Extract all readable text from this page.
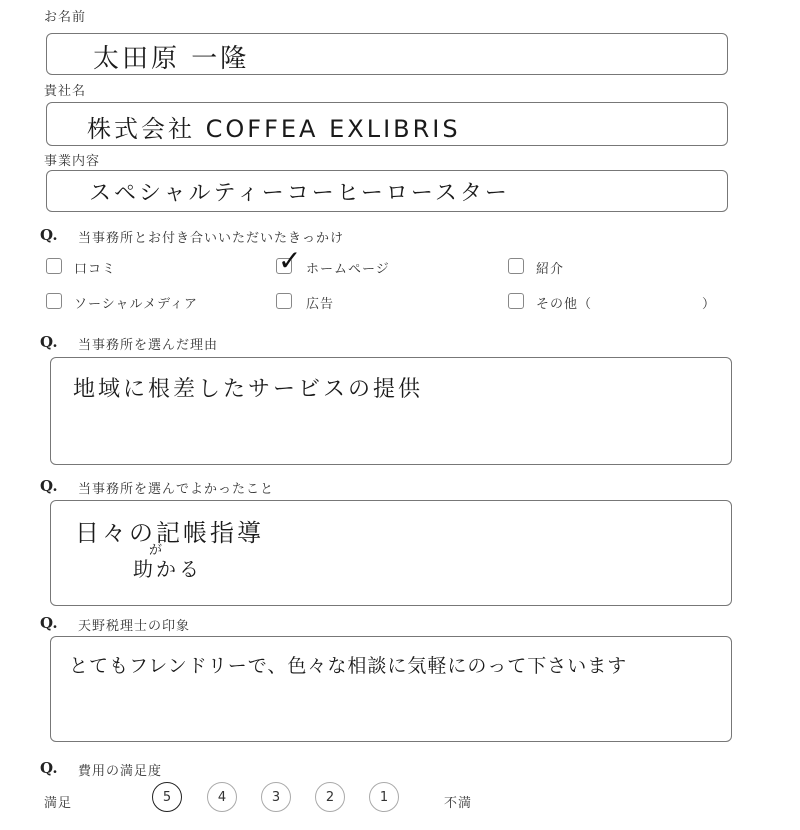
お名前
太田原 一隆
貴社名
株式会社 COFFEA EXLIBRIS
事業内容
スペシャルティーコーヒーロースター
Q. 当事務所とお付き合いいただいたきっかけ
口コミ	✓ ホームページ	紹介
ソーシャルメディア	広告	その他（	）
Q. 当事務所を選んだ理由
地域に根差したサービスの提供
Q. 当事務所を選んでよかったこと
日々の記帳指導
が
助かる
Q. 天野税理士の印象
とてもフレンドリーで、色々な相談に気軽にのって下さいます
Q. 費用の満足度
満足	5	4	3	2	1	不満
